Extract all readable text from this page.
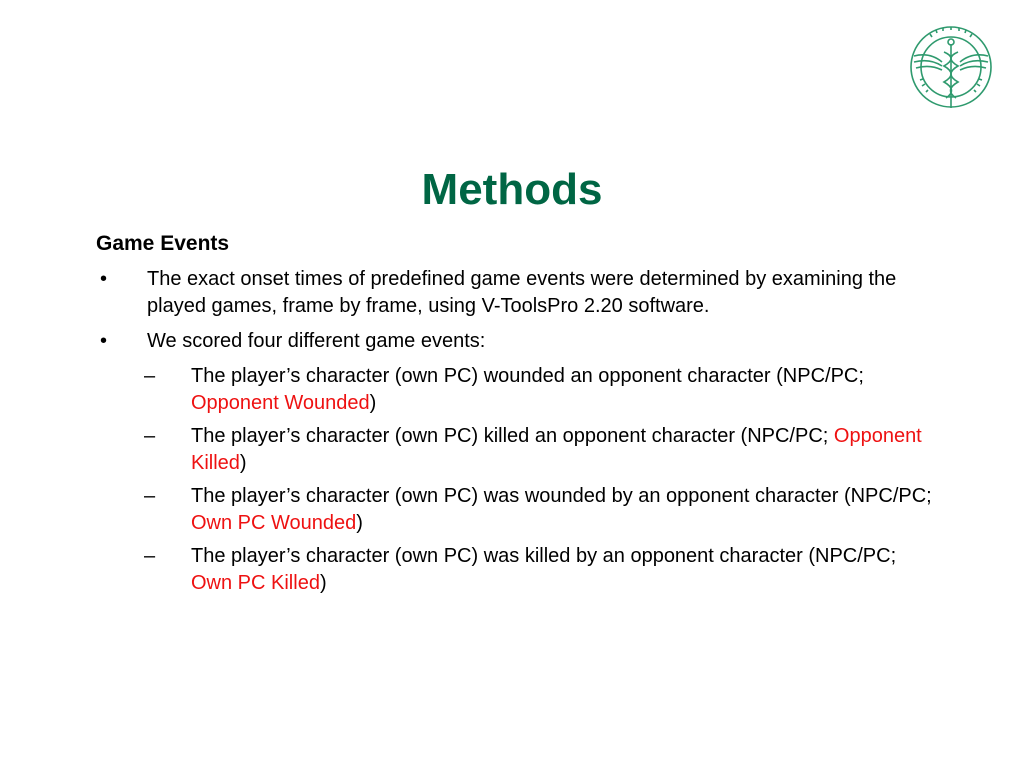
Methods
Game Events
• The exact onset times of predefined game events were determined by examining the played games, frame by frame, using V-ToolsPro 2.20 software.
• We scored four different game events:
– The player’s character (own PC) wounded an opponent character (NPC/PC; Opponent Wounded)
– The player’s character (own PC) killed an opponent character (NPC/PC; Opponent Killed)
– The player’s character (own PC) was wounded by an opponent character (NPC/PC; Own PC Wounded)
– The player’s character (own PC) was killed by an opponent character (NPC/PC; Own PC Killed)
